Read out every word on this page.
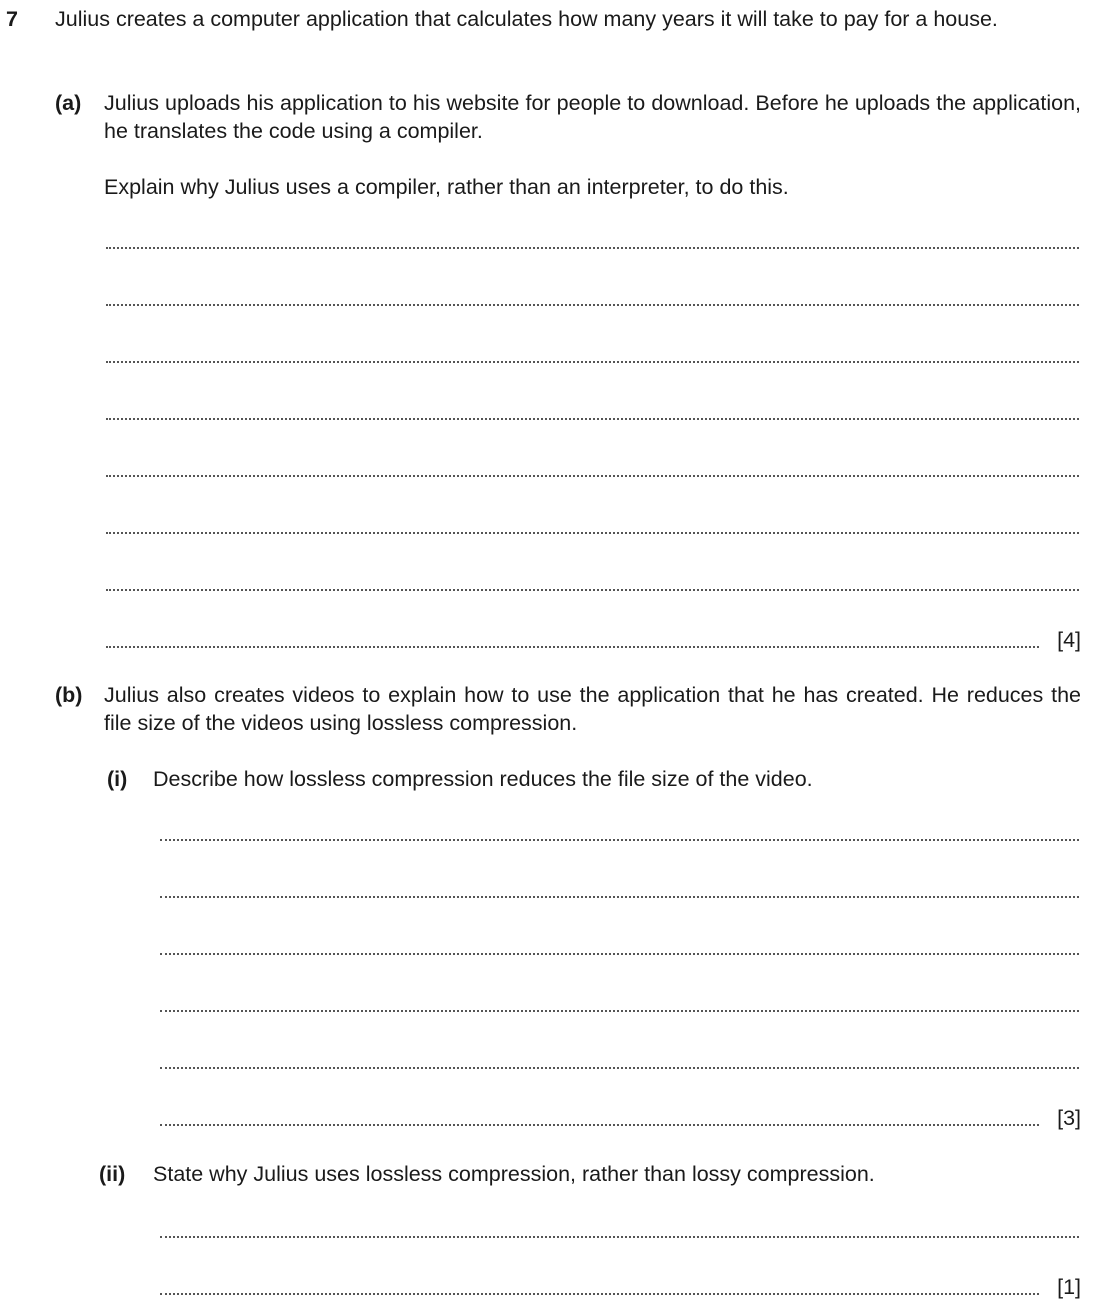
7 Julius creates a computer application that calculates how many years it will take to pay for a house.
(a) Julius uploads his application to his website for people to download. Before he uploads the application, he translates the code using a compiler.
Explain why Julius uses a compiler, rather than an interpreter, to do this.
[4]
(b) Julius also creates videos to explain how to use the application that he has created. He reduces the file size of the videos using lossless compression.
(i) Describe how lossless compression reduces the file size of the video.
[3]
(ii) State why Julius uses lossless compression, rather than lossy compression.
[1]
